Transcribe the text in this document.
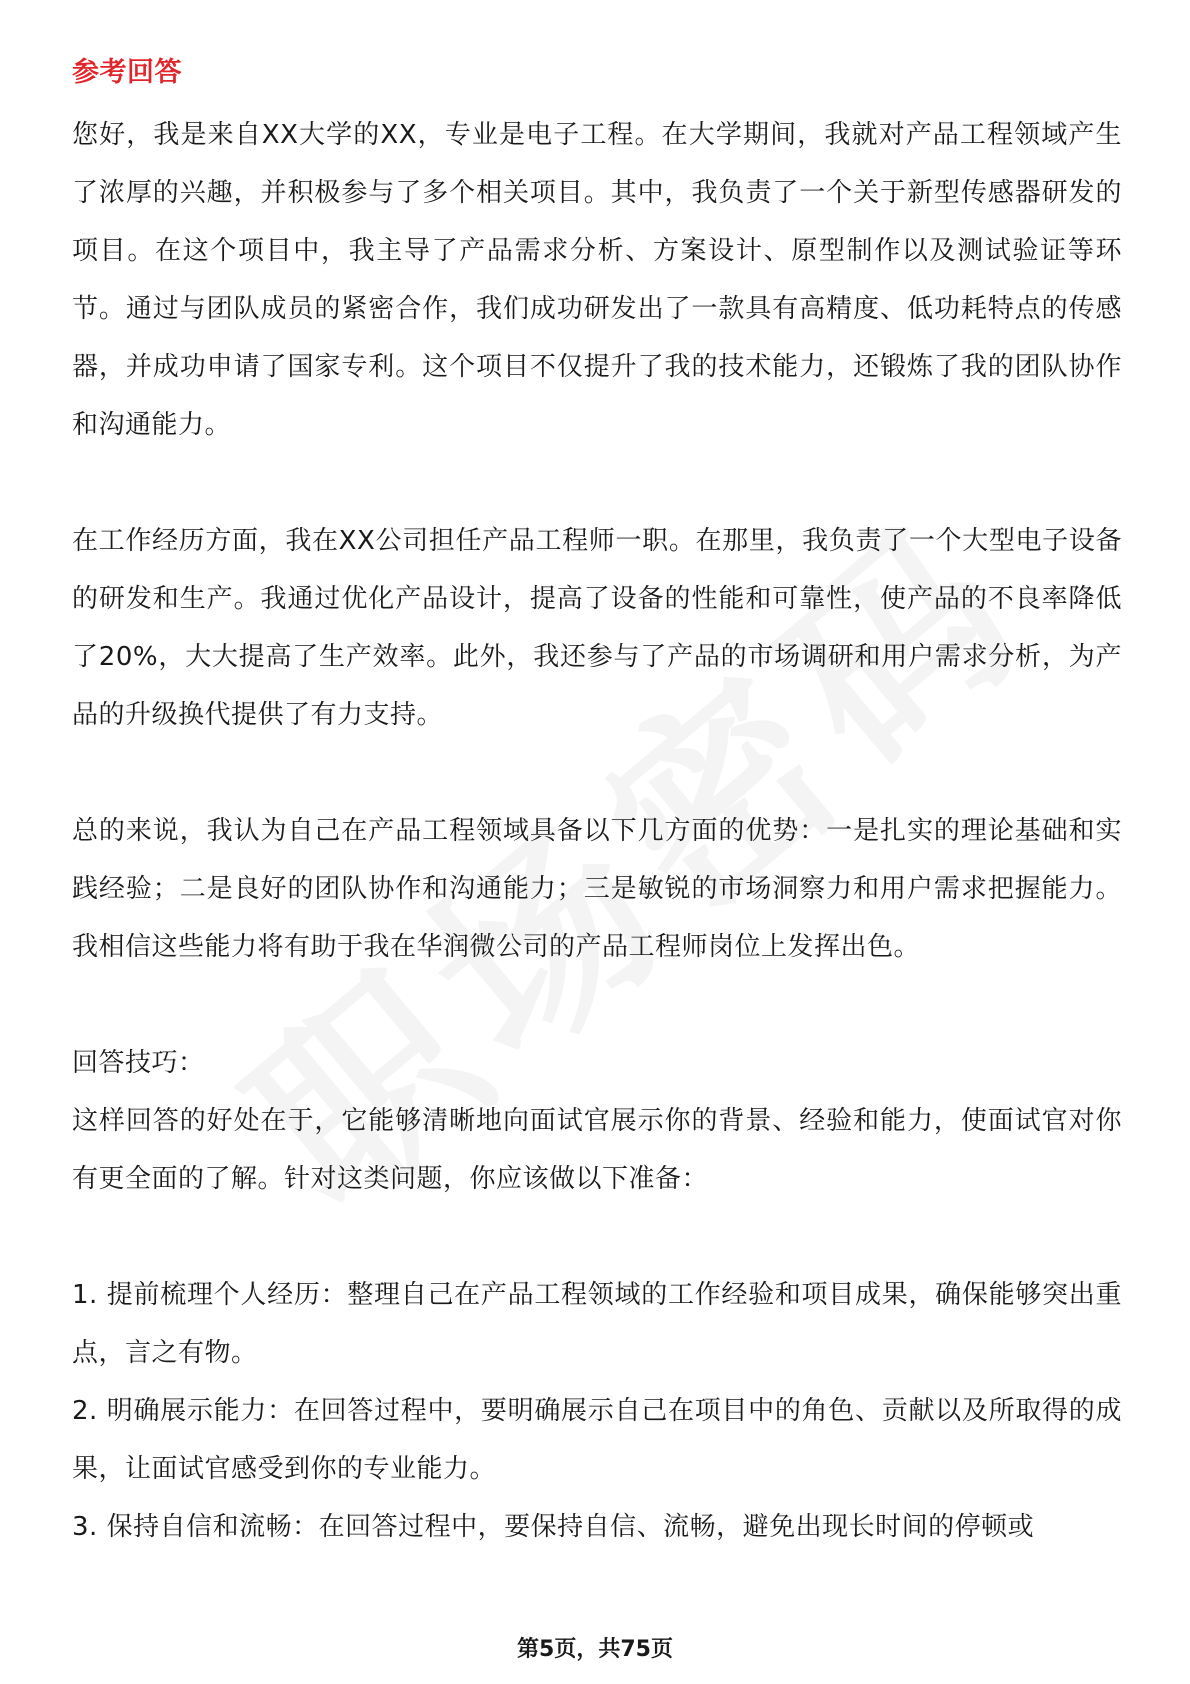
参考回答

您好，我是来自XX大学的XX，专业是电子工程。在大学期间，我就对产品工程领域产生了浓厚的兴趣，并积极参与了多个相关项目。其中，我负责了一个关于新型传感器研发的项目。在这个项目中，我主导了产品需求分析、方案设计、原型制作以及测试验证等环节。通过与团队成员的紧密合作，我们成功研发出了一款具有高精度、低功耗特点的传感器，并成功申请了国家专利。这个项目不仅提升了我的技术能力，还锻炼了我的团队协作和沟通能力。

在工作经历方面，我在XX公司担任产品工程师一职。在那里，我负责了一个大型电子设备的研发和生产。我通过优化产品设计，提高了设备的性能和可靠性，使产品的不良率降低了20%，大大提高了生产效率。此外，我还参与了产品的市场调研和用户需求分析，为产品的升级换代提供了有力支持。

总的来说，我认为自己在产品工程领域具备以下几方面的优势：一是扎实的理论基础和实践经验；二是良好的团队协作和沟通能力；三是敏锐的市场洞察力和用户需求把握能力。我相信这些能力将有助于我在华润微公司的产品工程师岗位上发挥出色。

回答技巧：

这样回答的好处在于，它能够清晰地向面试官展示你的背景、经验和能力，使面试官对你有更全面的了解。针对这类问题，你应该做以下准备：

1. 提前梳理个人经历：整理自己在产品工程领域的工作经验和项目成果，确保能够突出重点，言之有物。

2. 明确展示能力：在回答过程中，要明确展示自己在项目中的角色、贡献以及所取得的成果，让面试官感受到你的专业能力。

3. 保持自信和流畅：在回答过程中，要保持自信、流畅，避免出现长时间的停顿或

第5页，共75页
